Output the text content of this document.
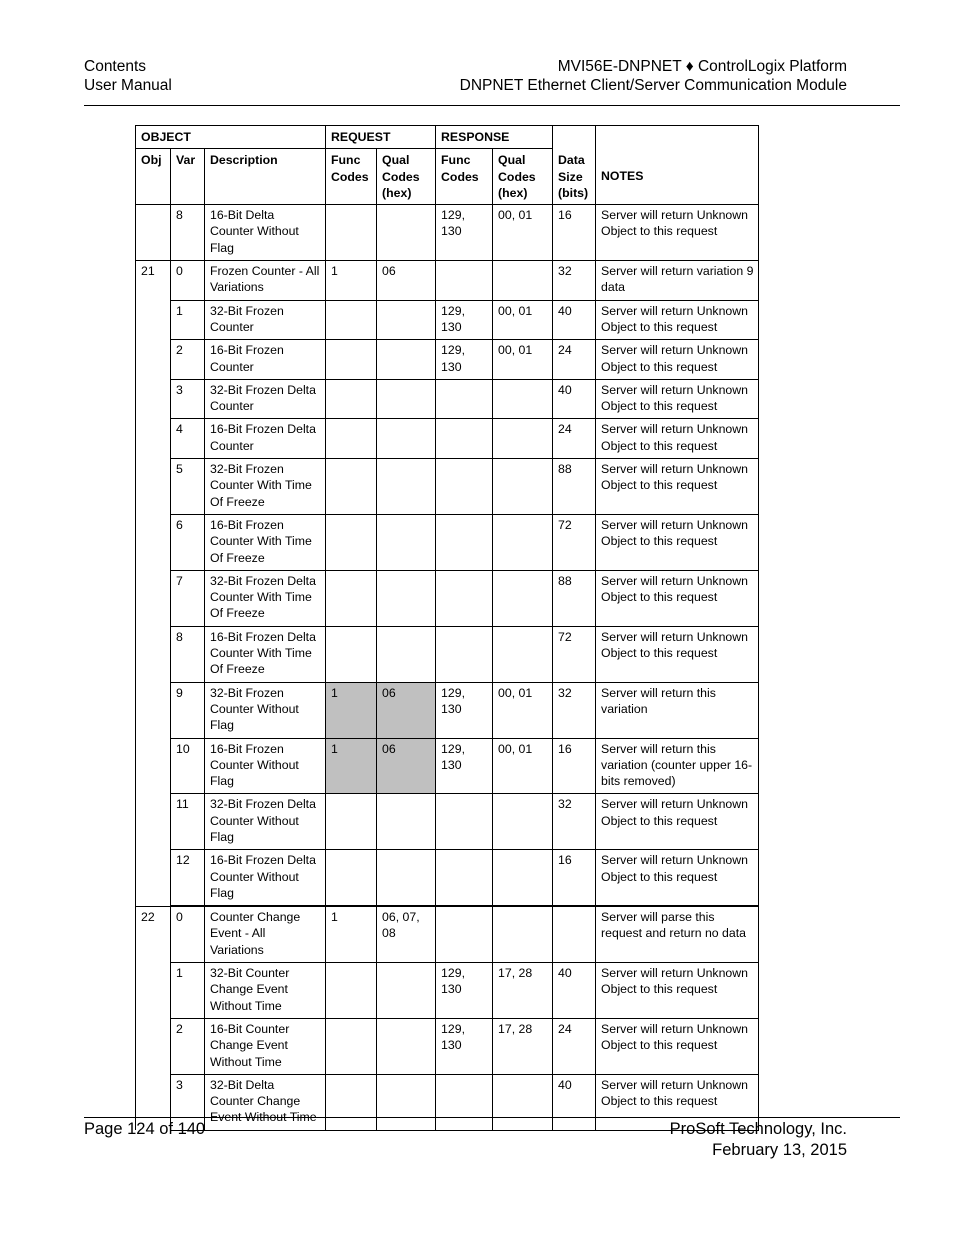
Contents
User Manual
MVI56E-DNPNET ♦ ControlLogix Platform
DNPNET Ethernet Client/Server Communication Module
OBJECT			REQUEST		RESPONSE			
Obj	Var	Description	Func Codes	Qual Codes (hex)	Func Codes	Qual Codes (hex)	Data Size (bits)	NOTES
	8	16-Bit Delta Counter Without Flag			129, 130	00, 01	16	Server will return Unknown Object to this request
21	0	Frozen Counter - All Variations	1	06			32	Server will return variation 9 data
	1	32-Bit Frozen Counter			129, 130	00, 01	40	Server will return Unknown Object to this request
	2	16-Bit Frozen Counter			129, 130	00, 01	24	Server will return Unknown Object to this request
	3	32-Bit Frozen Delta Counter					40	Server will return Unknown Object to this request
	4	16-Bit Frozen Delta Counter					24	Server will return Unknown Object to this request
	5	32-Bit Frozen Counter With Time Of Freeze					88	Server will return Unknown Object to this request
	6	16-Bit Frozen Counter With Time Of Freeze					72	Server will return Unknown Object to this request
	7	32-Bit Frozen Delta Counter With Time Of Freeze					88	Server will return Unknown Object to this request
	8	16-Bit Frozen Delta Counter With Time Of Freeze					72	Server will return Unknown Object to this request
	9	32-Bit Frozen Counter Without Flag	1	06	129, 130	00, 01	32	Server will return this variation
	10	16-Bit Frozen Counter Without Flag	1	06	129, 130	00, 01	16	Server will return this variation (counter upper 16-bits removed)
	11	32-Bit Frozen Delta Counter Without Flag					32	Server will return Unknown Object to this request
	12	16-Bit Frozen Delta Counter Without Flag					16	Server will return Unknown Object to this request
22	0	Counter Change Event - All Variations	1	06, 07, 08				Server will parse this request and return no data
	1	32-Bit Counter Change Event Without Time			129, 130	17, 28	40	Server will return Unknown Object to this request
	2	16-Bit Counter Change Event Without Time			129, 130	17, 28	24	Server will return Unknown Object to this request
	3	32-Bit Delta Counter Change Event Without Time					40	Server will return Unknown Object to this request
Page 124 of 140	ProSoft Technology, Inc.
February 13, 2015
